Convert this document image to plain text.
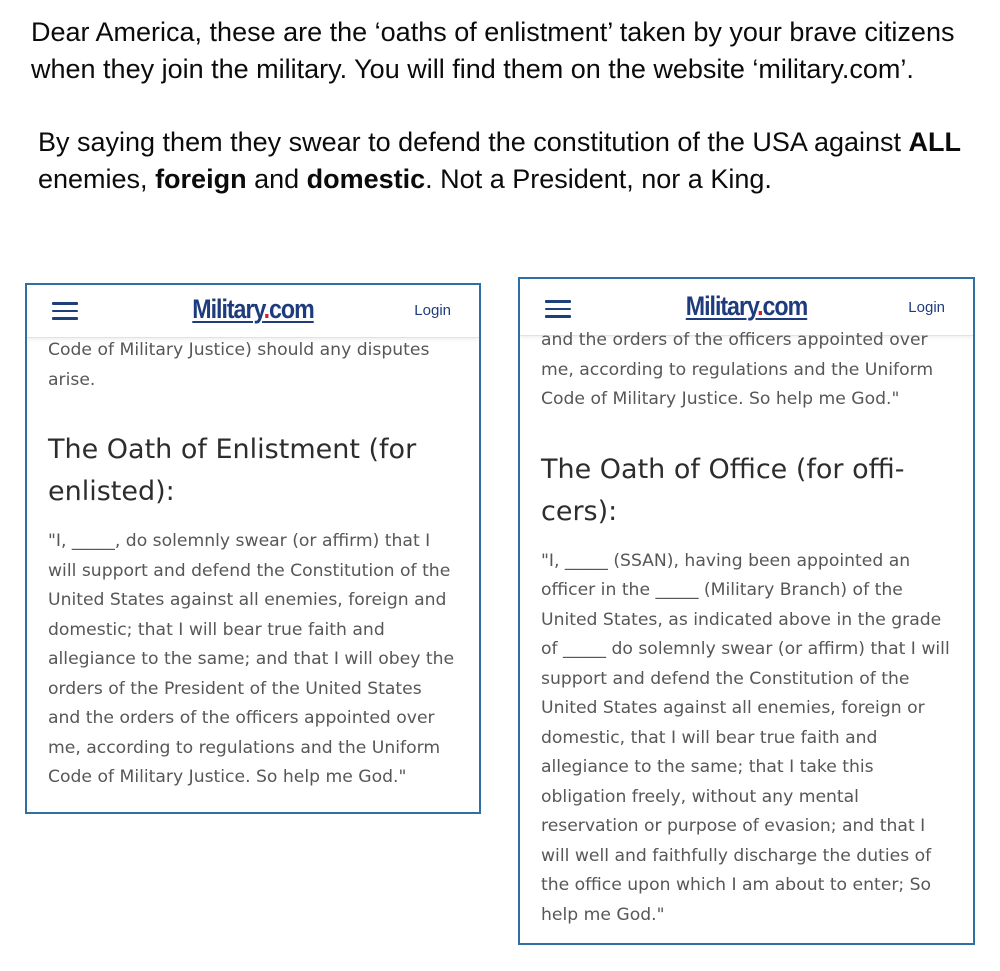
Dear America, these are the ‘oaths of enlistment’ taken by your brave citizens when they join the military. You will find them on the website ‘military.com’.

By saying them they swear to defend the constitution of the USA against ALL enemies, foreign and domestic. Not a President, nor a King.

Military.com	Login

Code of Military Justice) should any disputes arise.

The Oath of Enlistment (for enlisted):

"I, _____, do solemnly swear (or affirm) that I will support and defend the Constitution of the United States against all enemies, foreign and domestic; that I will bear true faith and allegiance to the same; and that I will obey the orders of the President of the United States and the orders of the officers appointed over me, according to regulations and the Uniform Code of Military Justice. So help me God."

Military.com	Login

and the orders of the officers appointed over me, according to regulations and the Uniform Code of Military Justice. So help me God."

The Oath of Office (for offi-cers):

"I, _____ (SSAN), having been appointed an officer in the _____ (Military Branch) of the United States, as indicated above in the grade of _____ do solemnly swear (or affirm) that I will support and defend the Constitution of the United States against all enemies, foreign or domestic, that I will bear true faith and allegiance to the same; that I take this obligation freely, without any mental reservation or purpose of evasion; and that I will well and faithfully discharge the duties of the office upon which I am about to enter; So help me God."
